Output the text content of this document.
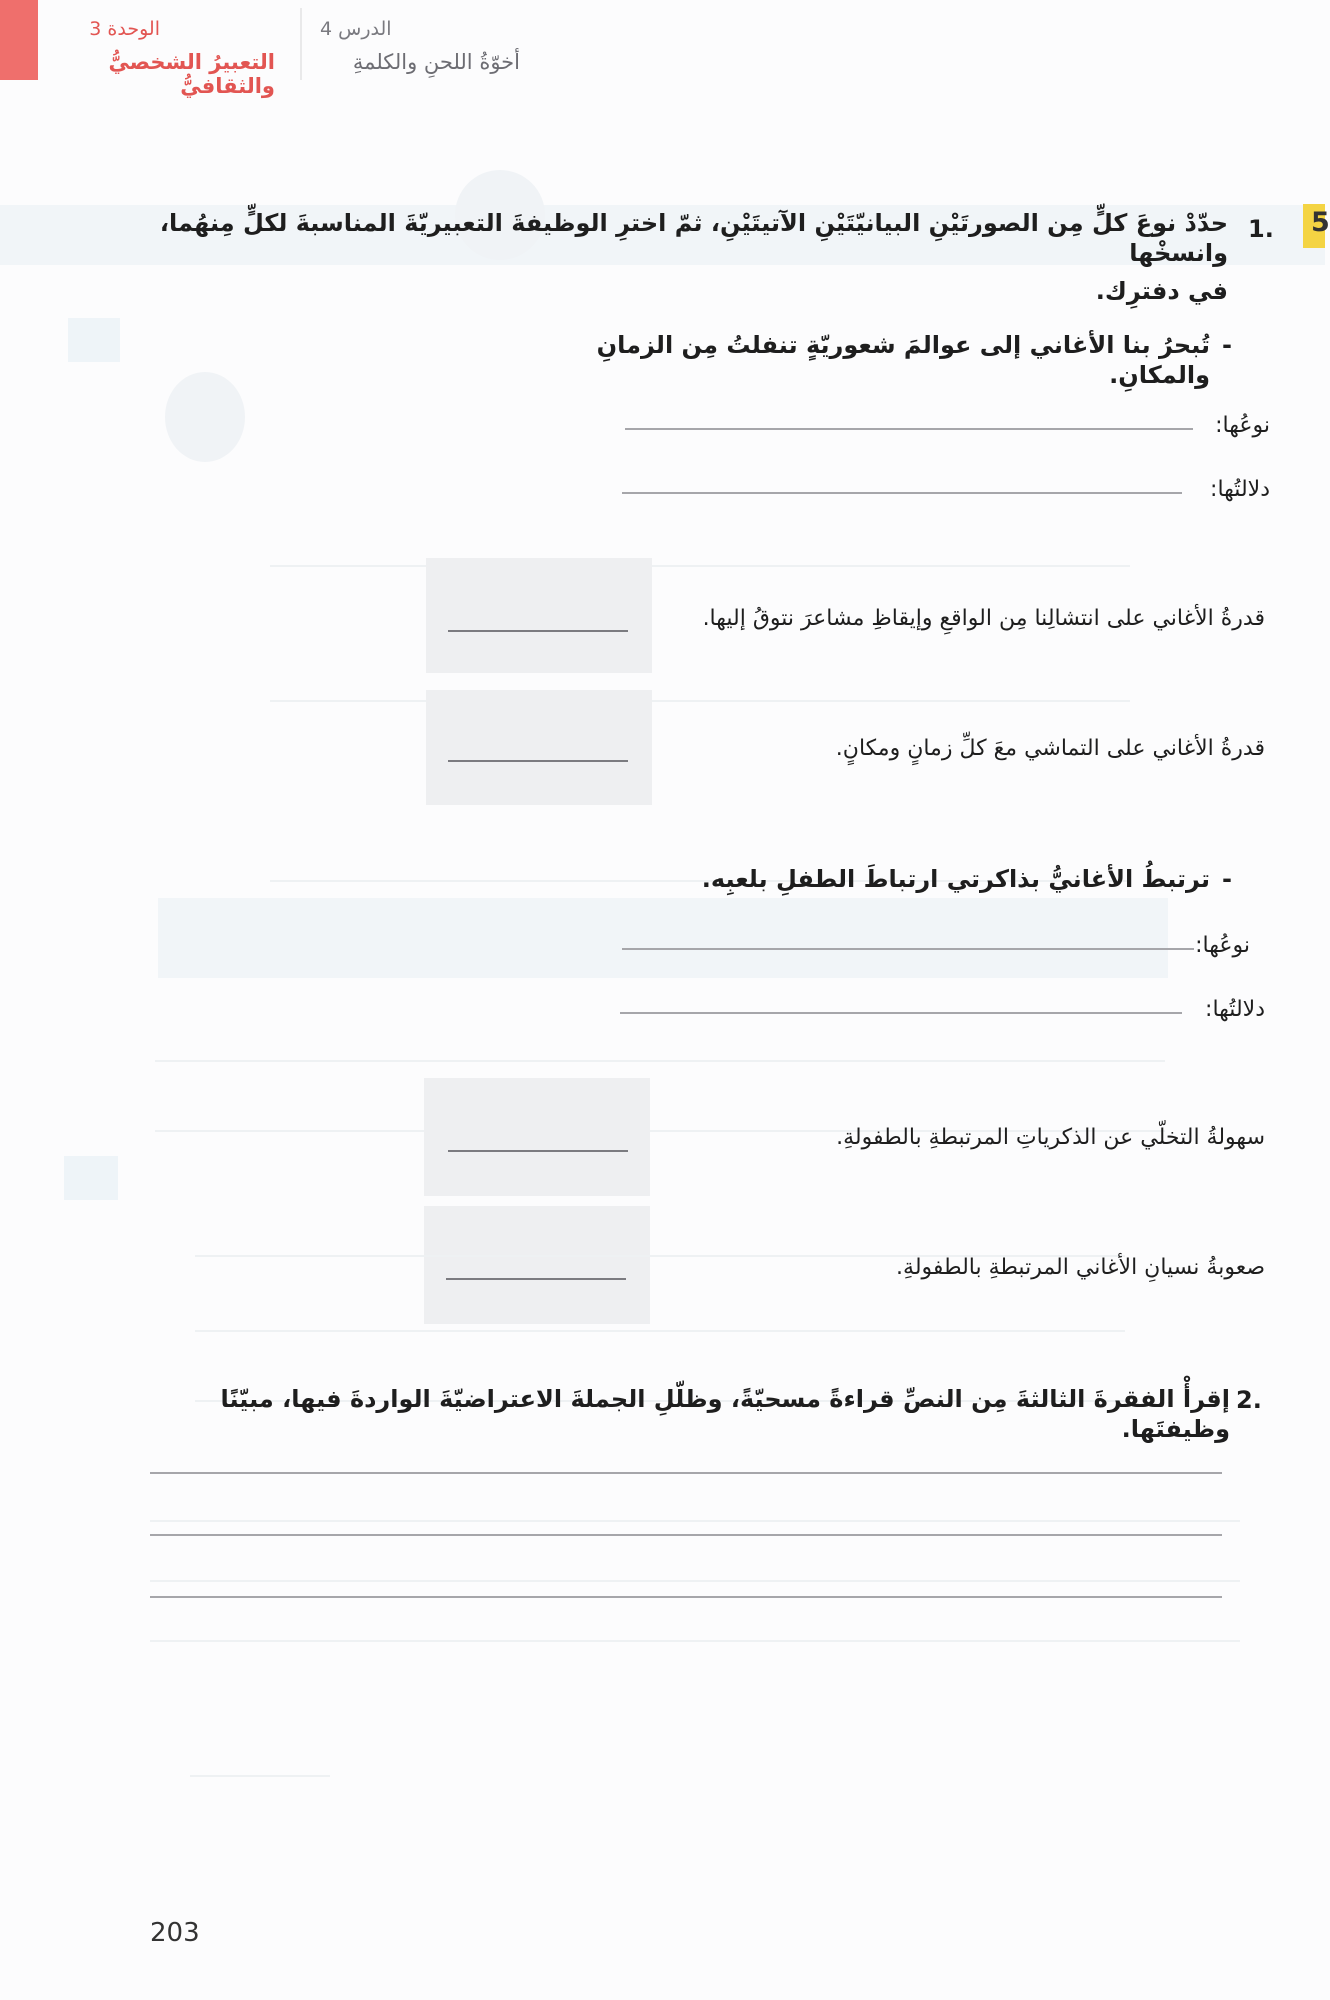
الوحدة 3
التعبيرُ الشخصيُّ والثقافيُّ
الدرس 4
أخوّةُ اللحنِ والكلمةِ
5
1.
حدّدْ نوعَ كلٍّ مِن الصورتَيْنِ البيانيّتَيْنِ الآتيتَيْنِ، ثمّ اخترِ الوظيفةَ التعبيريّةَ المناسبةَ لكلٍّ مِنهُما، وانسخْها
في دفترِك.
-
تُبحرُ بنا الأغاني إلى عوالمَ شعوريّةٍ تنفلتُ مِن الزمانِ والمكانِ.
نوعُها:
دلالتُها:
قدرةُ الأغاني على انتشالِنا مِن الواقعِ وإيقاظِ مشاعرَ نتوقُ إليها.
قدرةُ الأغاني على التماشي معَ كلِّ زمانٍ ومكانٍ.
-
ترتبطُ الأغانيُّ بذاكرتي ارتباطَ الطفلِ بلعبِه.
نوعُها:
دلالتُها:
سهولةُ التخلّي عن الذكرياتِ المرتبطةِ بالطفولةِ.
صعوبةُ نسيانِ الأغاني المرتبطةِ بالطفولةِ.
2.
إقرأْ الفقرةَ الثالثةَ مِن النصِّ قراءةً مسحيّةً، وظلّلِ الجملةَ الاعتراضيّةَ الواردةَ فيها، مبيّنًا وظيفتَها.
203
